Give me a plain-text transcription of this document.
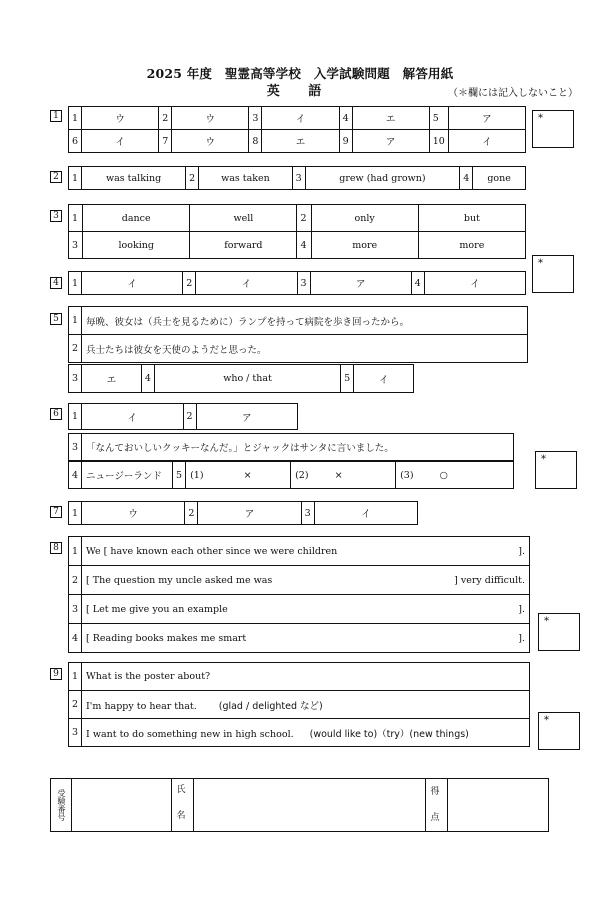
2025 年度　聖霊高等学校　入学試験問題　解答用紙
英 語	（＊欄には記入しないこと）
1	1	ウ	2	ウ	3	イ	4	エ	5	ア
6	イ	7	ウ	8	エ	9	ア	10	イ
*
2	1	was talking	2	was taken	3	grew (had grown)	4	gone
3	1	dance	well	2	only	but
3	looking	forward	4	more	more
*
4	1	イ	2	イ	3	ア	4	イ
5	1	毎晩、彼女は（兵士を見るために）ランプを持って病院を歩き回ったから。
2	兵士たちは彼女を天使のようだと思った。
3	エ	4	who / that	5	イ
6	1	イ	2	ア
3	「なんておいしいクッキーなんだ。」とジャックはサンタに言いました。
4	ニュージーランド	5	(1)	×	(2)	×	(3)	○
*
7	1	ウ	2	ア	3	イ
8	1	We [ have known each other since we were children ].

2	[ The question my uncle asked me was ] very difficult.

3	[ Let me give you an example ].

4	[ Reading books makes me smart ].
*
9	1	What is the poster about?
2	I'm happy to hear that. (glad / delighted など)
3	I want to do something new in high school. (would like to)（try）(new things)
*
受験番号	氏
名
得
点
